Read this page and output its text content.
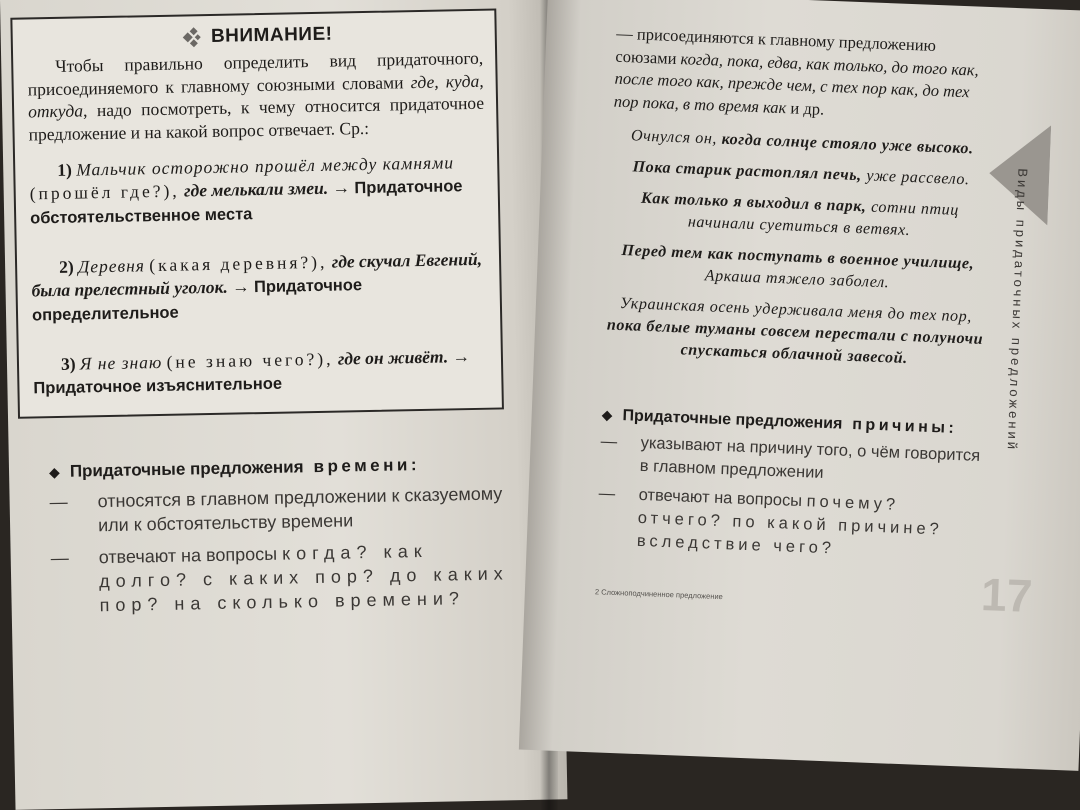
ВНИМАНИЕ!

Чтобы правильно определить вид придаточного, присоединяемого к главному союзными словами где, куда, откуда, надо посмотреть, к чему относится придаточное предложение и на какой вопрос отвечает. Ср.:

1) Мальчик осторожно прошёл между камнями (прошёл где?), где мелькали змеи. → Придаточное обстоятельственное места

2) Деревня (какая деревня?), где скучал Евгений, была прелестный уголок. → Придаточное определительное

3) Я не знаю (не знаю чего?), где он живёт. → Придаточное изъяснительное

◆ Придаточные предложения времени:
— относятся в главном предложении к сказуемому или к обстоятельству времени
— отвечают на вопросы когда? как долго? с каких пор? до каких пор? на сколько времени?

— присоединяются к главному предложению союзами когда, пока, едва, как только, до того как, после того как, прежде чем, с тех пор как, до тех пор пока, в то время как и др.

Очнулся он, когда солнце стояло уже высоко.

Пока старик растоплял печь, уже рассвело.

Как только я выходил в парк, сотни птиц начинали суетиться в ветвях.

Перед тем как поступать в военное училище, Аркаша тяжело заболел.

Украинская осень удерживала меня до тех пор, пока белые туманы совсем перестали с полуночи спускаться облачной завесой.

◆ Придаточные предложения причины:
— указывают на причину того, о чём говорится в главном предложении
— отвечают на вопросы почему? отчего? по какой причине? вследствие чего?

2 Сложноподчиненное предложение

Виды придаточных предложений
17
